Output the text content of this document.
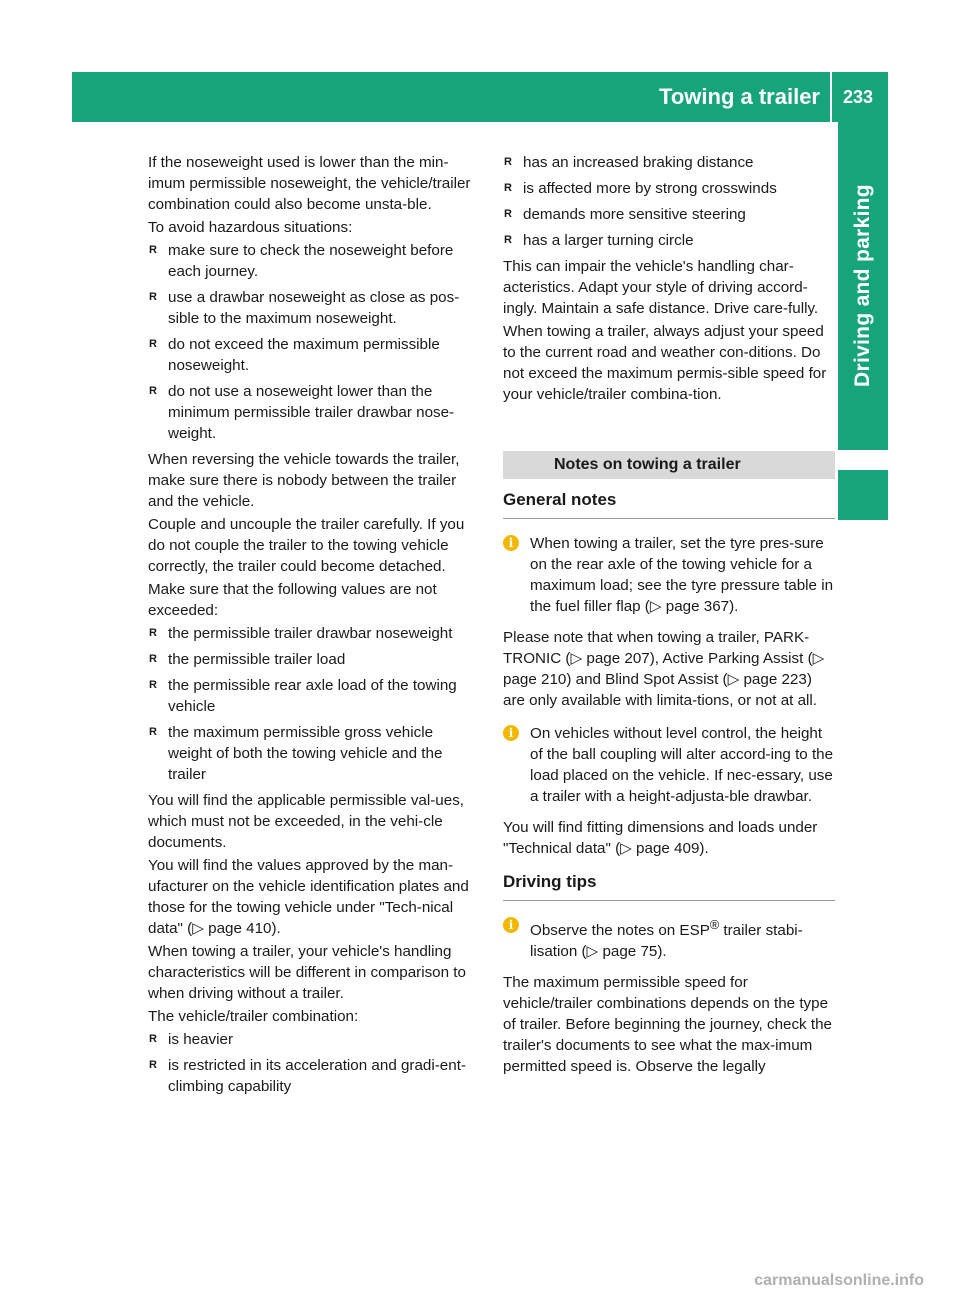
Towing a trailer	233
Driving and parking

If the noseweight used is lower than the min-imum permissible noseweight, the vehicle/trailer combination could also become unsta-ble.

To avoid hazardous situations:

R make sure to check the noseweight before each journey.
R use a drawbar noseweight as close as pos-sible to the maximum noseweight.
R do not exceed the maximum permissible noseweight.
R do not use a noseweight lower than the minimum permissible trailer drawbar nose-weight.

When reversing the vehicle towards the trailer, make sure there is nobody between the trailer and the vehicle.

Couple and uncouple the trailer carefully. If you do not couple the trailer to the towing vehicle correctly, the trailer could become detached.

Make sure that the following values are not exceeded:

R the permissible trailer drawbar noseweight
R the permissible trailer load
R the permissible rear axle load of the towing vehicle
R the maximum permissible gross vehicle weight of both the towing vehicle and the trailer

You will find the applicable permissible val-ues, which must not be exceeded, in the vehi-cle documents.

You will find the values approved by the man-ufacturer on the vehicle identification plates and those for the towing vehicle under "Tech-nical data" (▷ page 410).

When towing a trailer, your vehicle's handling characteristics will be different in comparison to when driving without a trailer.

The vehicle/trailer combination:

R is heavier
R is restricted in its acceleration and gradi-ent-climbing capability
R has an increased braking distance
R is affected more by strong crosswinds
R demands more sensitive steering
R has a larger turning circle

This can impair the vehicle's handling char-acteristics. Adapt your style of driving accord-ingly. Maintain a safe distance. Drive care-fully.

When towing a trailer, always adjust your speed to the current road and weather con-ditions. Do not exceed the maximum permis-sible speed for your vehicle/trailer combina-tion.

Notes on towing a trailer
General notes
i	When towing a trailer, set the tyre pres-sure on the rear axle of the towing vehicle for a maximum load; see the tyre pressure table in the fuel filler flap (▷ page 367).

Please note that when towing a trailer, PARK-TRONIC (▷ page 207), Active Parking Assist (▷ page 210) and Blind Spot Assist (▷ page 223) are only available with limita-tions, or not at all.

i	On vehicles without level control, the height of the ball coupling will alter accord-ing to the load placed on the vehicle. If nec-essary, use a trailer with a height-adjusta-ble drawbar.

You will find fitting dimensions and loads under "Technical data" (▷ page 409).

Driving tips
i	Observe the notes on ESP® trailer stabi-lisation (▷ page 75).

The maximum permissible speed for vehicle/trailer combinations depends on the type of trailer. Before beginning the journey, check the trailer's documents to see what the max-imum permitted speed is. Observe the legally

carmanualsonline.info
